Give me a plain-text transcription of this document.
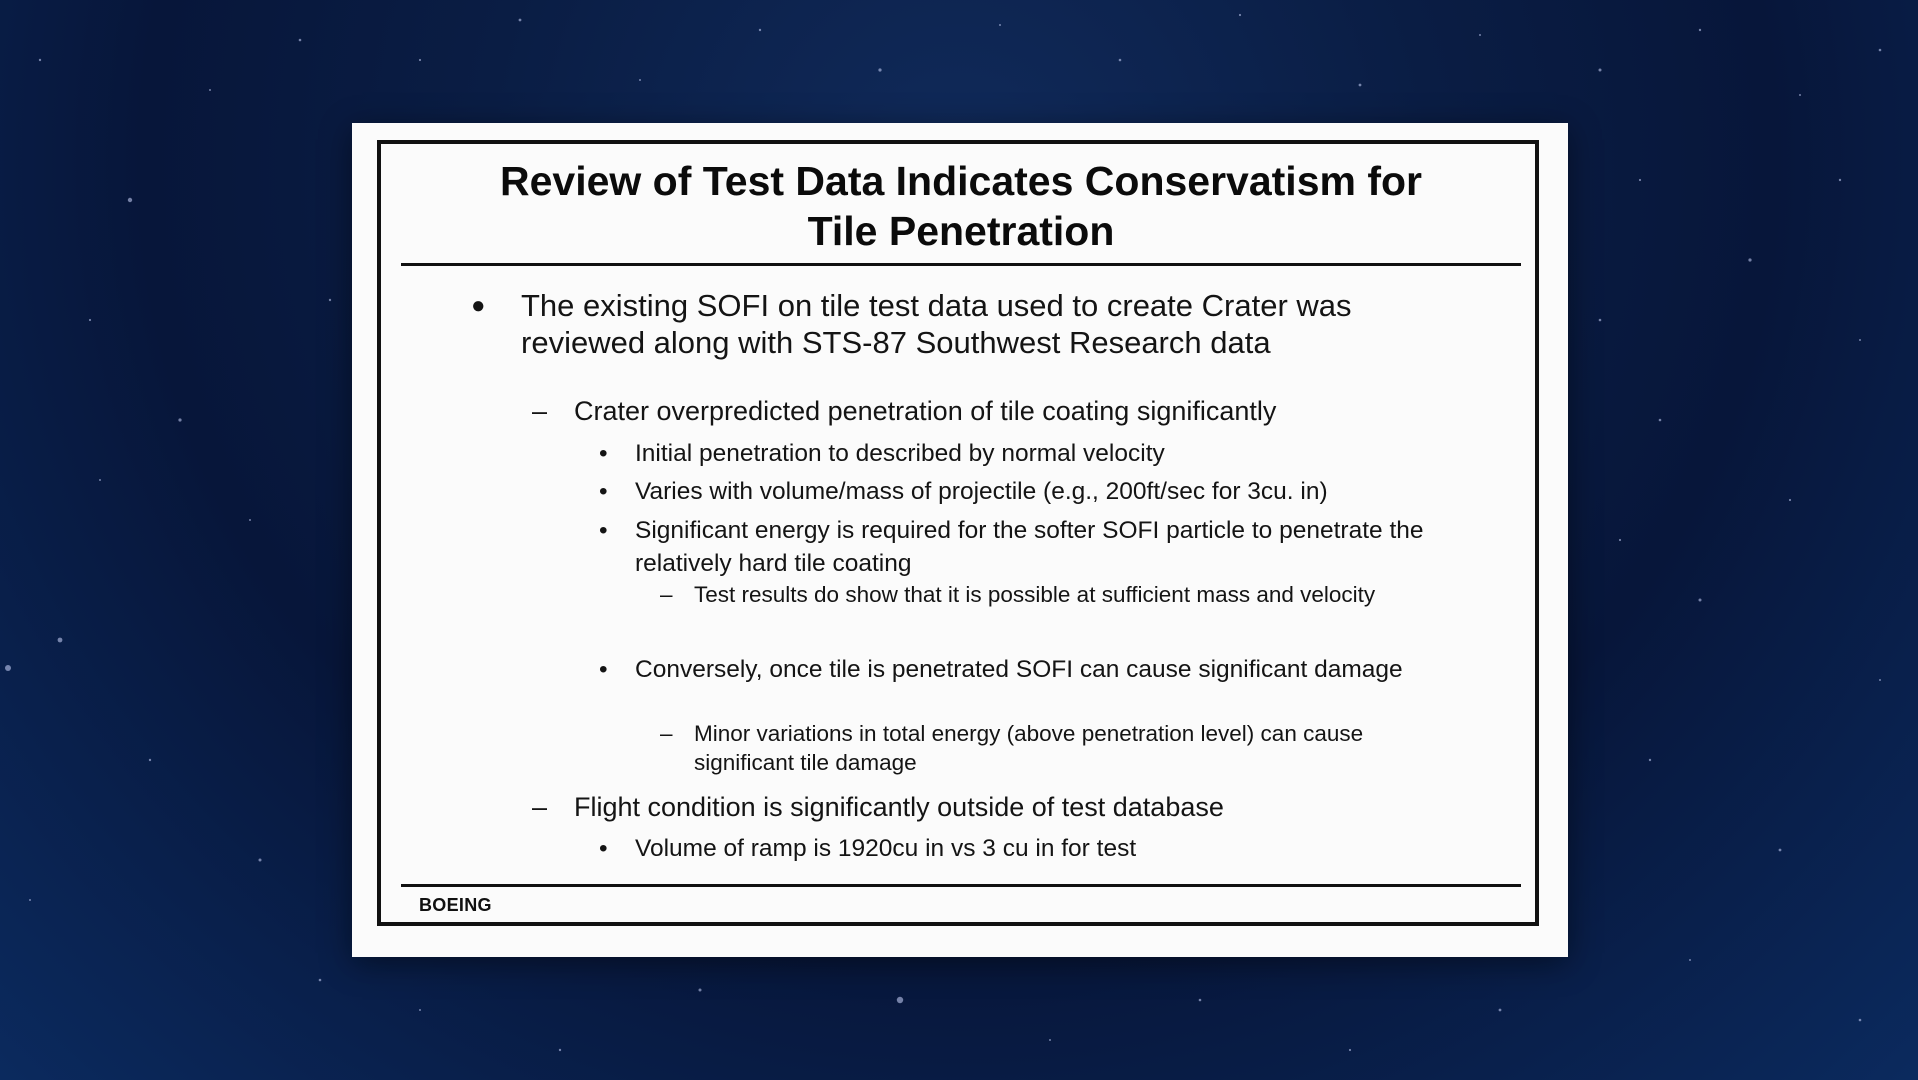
Review of Test Data Indicates Conservatism for Tile Penetration
● The existing SOFI on tile test data used to create Crater was reviewed along with STS-87 Southwest Research data
– Crater overpredicted penetration of tile coating significantly
• Initial penetration to described by normal velocity
• Varies with volume/mass of projectile (e.g., 200ft/sec for 3cu. in)
• Significant energy is required for the softer SOFI particle to penetrate the relatively hard tile coating
– Test results do show that it is possible at sufficient mass and velocity
• Conversely, once tile is penetrated SOFI can cause significant damage
– Minor variations in total energy (above penetration level) can cause significant tile damage
– Flight condition is significantly outside of test database
• Volume of ramp is 1920cu in vs 3 cu in for test
BOEING
